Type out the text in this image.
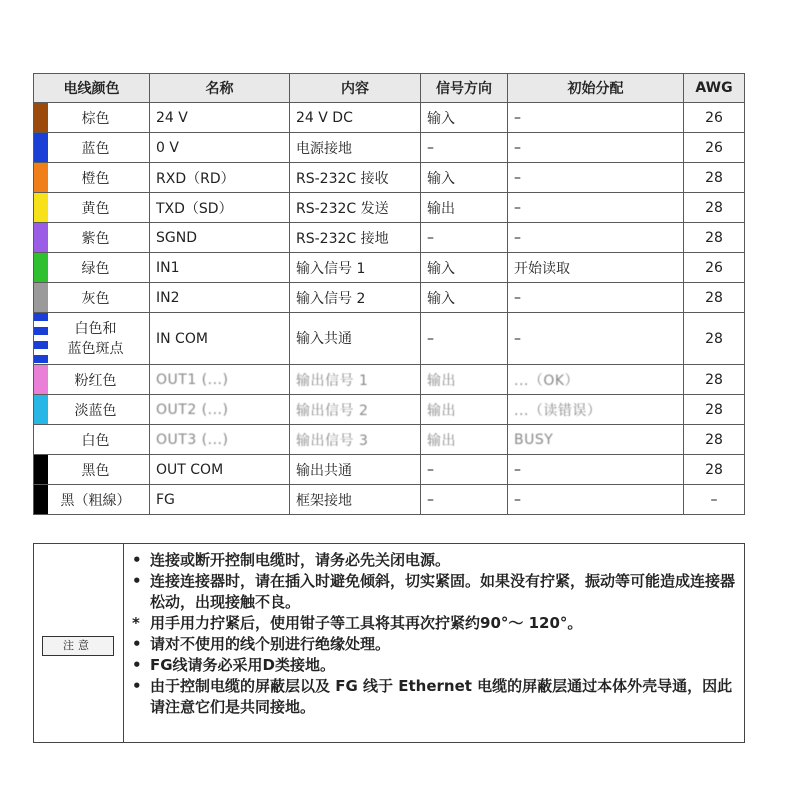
电线颜色	名称	内容	信号方向	初始分配	AWG

棕色	24 V	24 V DC	输入	–	26

蓝色	0 V	电源接地	–	–	26

橙色	RXD（RD）	RS-232C 接收	输入	–	28

黄色	TXD（SD）	RS-232C 发送	输出	–	28

紫色	SGND	RS-232C 接地	–	–	28

绿色	IN1	输入信号 1	输入	开始读取	26

灰色	IN2	输入信号 2	输入	–	28

白色和
蓝色斑点	IN COM	输入共通	–	–	28

粉红色	OUT1 (...)	输出信号 1	输出	...（OK）	28

淡蓝色	OUT2 (...)	输出信号 2	输出	...（读错误）	28

白色	OUT3 (...)	输出信号 3	输出	BUSY	28

黑色	OUT COM	输出共通	–	–	28

黑（粗線）	FG	框架接地	–	–	–
注意
• 连接或断开控制电缆时，请务必先关闭电源。
• 连接连接器时，请在插入时避免倾斜，切实紧固。如果没有拧紧，振动等可能造成连接器松动，出现接触不良。
* 用手用力拧紧后，使用钳子等工具将其再次拧紧约90°～ 120°。
• 请对不使用的线个别进行绝缘处理。
• FG线请务必采用D类接地。
• 由于控制电缆的屏蔽层以及 FG 线于 Ethernet 电缆的屏蔽层通过本体外壳导通，因此请注意它们是共同接地。
